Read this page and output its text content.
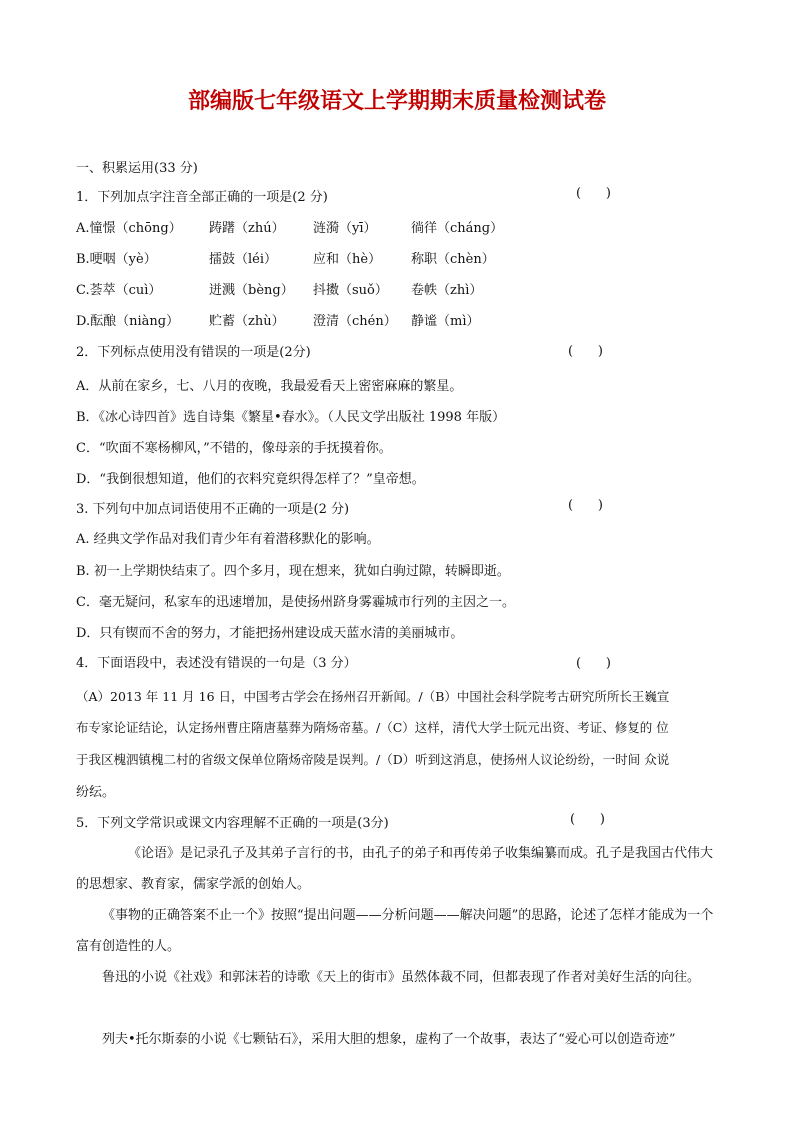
部编版七年级语文上学期期末质量检测试卷
一、积累运用(33 分)
1．下列加点字注音全部正确的一项是(2 分)	(      )
A.憧憬（chōng） 踌躇（zhú） 涟漪（yī）	徜徉（chánɡ）
B.哽咽（yè）	擂鼓（léi）	应和（hè） 称职（chèn）
C.荟萃（cuì）	迸溅（bèng） 抖擞（suǒ） 卷帙（zhì）
D.酝酿（niànɡ） 贮蓄（zhù） 澄清（chén） 静谧（mì）
2．下列标点使用没有错误的一项是(2分)	(      )
A．从前在家乡，七、八月的夜晚，我最爱看天上密密麻麻的繁星。
B．《冰心诗四首》选自诗集《繁星•春水》。（人民文学出版社 1998 年版）
C．“吹面不寒杨柳风，”不错的，像母亲的手抚摸着你。
D．“我倒很想知道，他们的衣料究竟织得怎样了？”皇帝想。
3. 下列句中加点词语使用不正确的一项是(2 分)	(      )
A. 经典文学作品对我们青少年有着潜移默化的影响。
B. 初一上学期快结束了。四个多月，现在想来，犹如白驹过隙，转瞬即逝。
C．毫无疑问，私家车的迅速增加，是使扬州跻身雾霾城市行列的主因之一。
D．只有锲而不舍的努力，才能把扬州建设成天蓝水清的美丽城市。
4．下面语段中，表述没有错误的一句是（3 分）	(      )
（A）2013 年 11 月 16 日，中国考古学会在扬州召开新闻。/（B）中国社会科学院考古研究所所长王巍宣
布专家论证结论，认定扬州曹庄隋唐墓葬为隋炀帝墓。/（C）这样，清代大学士阮元出资、考证、修复的 位
于我区槐泗镇槐二村的省级文保单位隋炀帝陵是误判。/（D）听到这消息，使扬州人议论纷纷，一时间 众说
纷纭。
5．下列文学常识或课文内容理解不正确的一项是(3分)	(      )
《论语》是记录孔子及其弟子言行的书，由孔子的弟子和再传弟子收集编纂而成。孔子是我国古代伟大的思想家、教育家，儒家学派的创始人。
《事物的正确答案不止一个》按照“提出问题——分析问题——解决问题”的思路，论述了怎样才能成为一个富有创造性的人。
鲁迅的小说《社戏》和郭沫若的诗歌《天上的街市》虽然体裁不同，但都表现了作者对美好生活的向往。
列夫•托尔斯泰的小说《七颗钻石》，采用大胆的想象，虚构了一个故事，表达了“爱心可以创造奇迹”
